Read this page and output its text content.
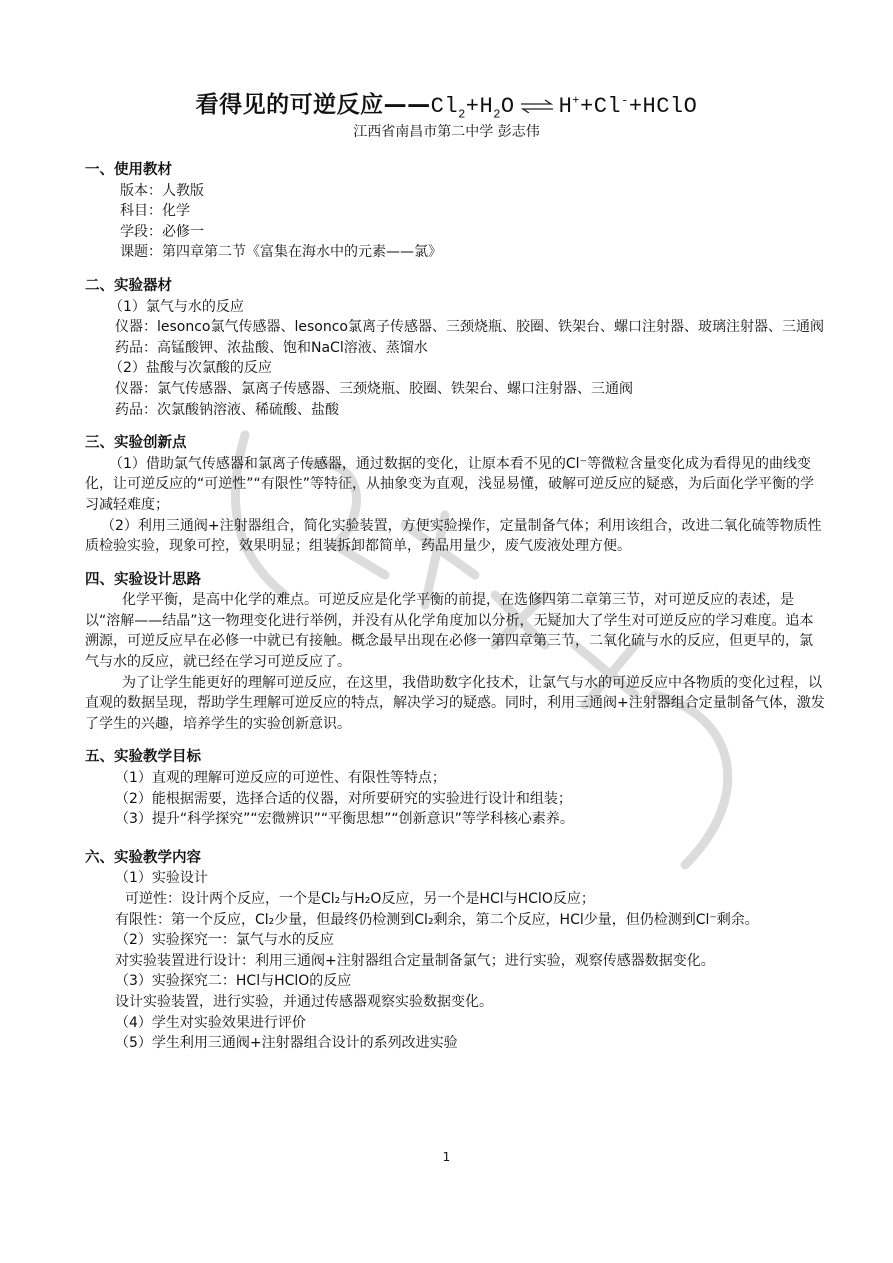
看得见的可逆反应$——Cl_2+H_2O$ ⇌ H++Cl-+HClO
江西省南昌市第二中学 彭志伟

一、使用教材

版本：人教版

科目：化学

学段：必修一

课题：第四章第二节《富集在海水中的元素——氯》

二、实验器材

（1）氯气与水的反应

仪器：lesonco氯气传感器、lesonco氯离子传感器、三颈烧瓶、胶圈、铁架台、螺口注射器、玻璃注射器、三通阀

药品：高锰酸钾、浓盐酸、饱和NaCl溶液、蒸馏水

（2）盐酸与次氯酸的反应

仪器：氯气传感器、氯离子传感器、三颈烧瓶、胶圈、铁架台、螺口注射器、三通阀

药品：次氯酸钠溶液、稀硫酸、盐酸

三、实验创新点

（1）借助氯气传感器和氯离子传感器，通过数据的变化，让原本看不见的Cl⁻等微粒含量变化成为看得见的曲线变化，让可逆反应的“可逆性”“有限性”等特征，从抽象变为直观，浅显易懂，破解可逆反应的疑惑，为后面化学平衡的学习减轻难度；

（2）利用三通阀+注射器组合，简化实验装置，方便实验操作，定量制备气体；利用该组合，改进二氧化硫等物质性质检验实验，现象可控，效果明显；组装拆卸都简单，药品用量少，废气废液处理方便。

四、实验设计思路

化学平衡，是高中化学的难点。可逆反应是化学平衡的前提，在选修四第二章第三节，对可逆反应的表述，是以“溶解——结晶”这一物理变化进行举例，并没有从化学角度加以分析，无疑加大了学生对可逆反应的学习难度。追本溯源，可逆反应早在必修一中就已有接触。概念最早出现在必修一第四章第三节，二氧化硫与水的反应，但更早的，氯气与水的反应，就已经在学习可逆反应了。

为了让学生能更好的理解可逆反应，在这里，我借助数字化技术，让氯气与水的可逆反应中各物质的变化过程，以直观的数据呈现，帮助学生理解可逆反应的特点，解决学习的疑惑。同时，利用三通阀+注射器组合定量制备气体，激发了学生的兴趣，培养学生的实验创新意识。

五、实验教学目标

（1）直观的理解可逆反应的可逆性、有限性等特点；

（2）能根据需要，选择合适的仪器，对所要研究的实验进行设计和组装；

（3）提升“科学探究”“宏微辨识”“平衡思想”“创新意识”等学科核心素养。

六、实验教学内容

（1）实验设计

可逆性：设计两个反应，一个是Cl₂与H₂O反应，另一个是HCl与HClO反应；

有限性：第一个反应，Cl₂少量，但最终仍检测到Cl₂剩余，第二个反应，HCl少量，但仍检测到Cl⁻剩余。

（2）实验探究一：氯气与水的反应

对实验装置进行设计：利用三通阀+注射器组合定量制备氯气；进行实验，观察传感器数据变化。

（3）实验探究二：HCl与HClO的反应

设计实验装置，进行实验，并通过传感器观察实验数据变化。

（4）学生对实验效果进行评价

（5）学生利用三通阀+注射器组合设计的系列改进实验

1
